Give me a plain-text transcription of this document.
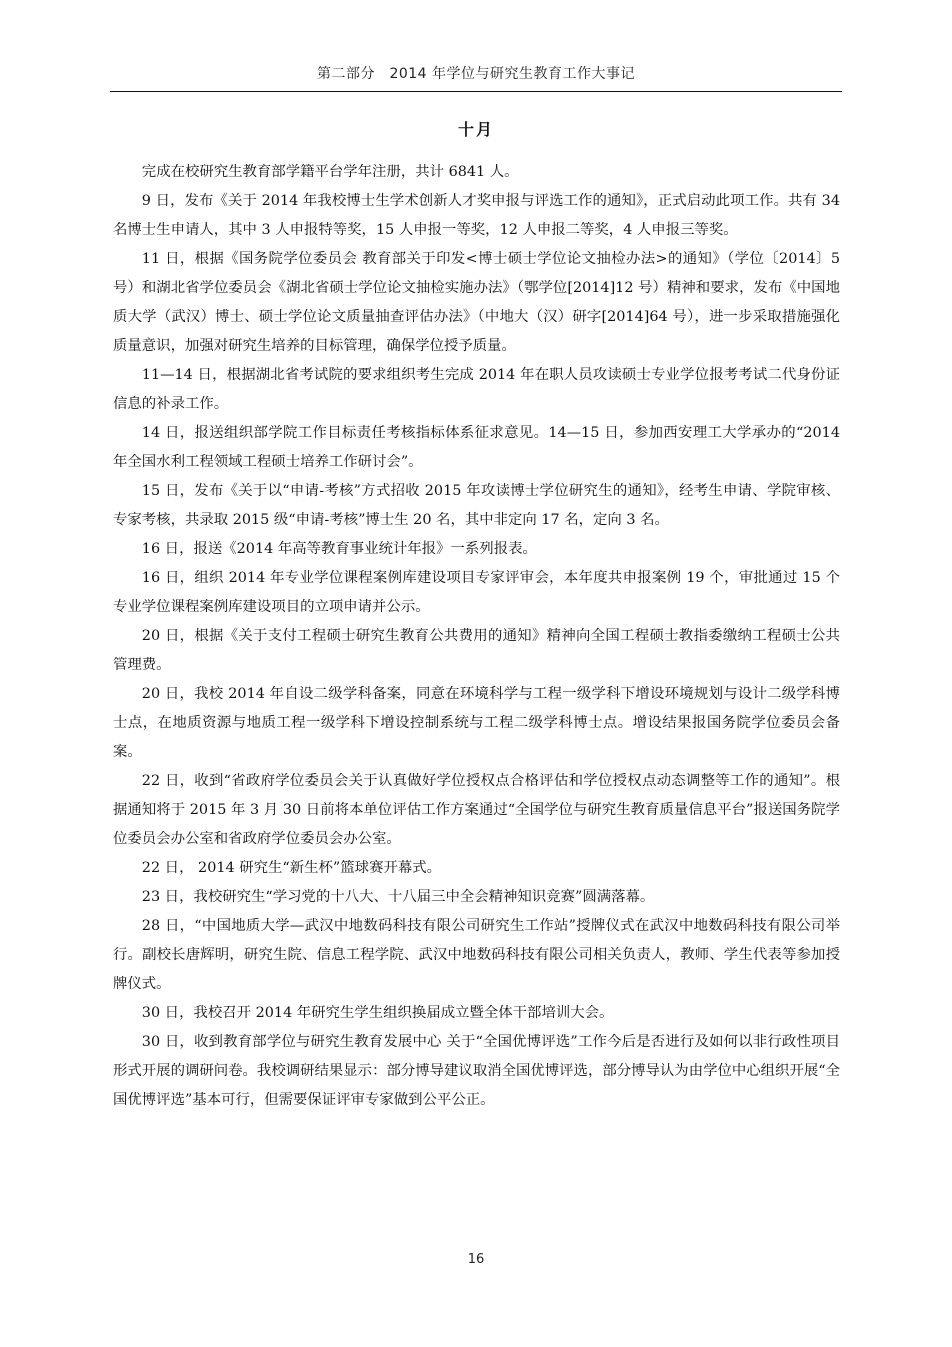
第二部分　2014 年学位与研究生教育工作大事记
十月

完成在校研究生教育部学籍平台学年注册，共计 6841 人。

9 日，发布《关于 2014 年我校博士生学术创新人才奖申报与评选工作的通知》，正式启动此项工作。共有 34 名博士生申请人，其中 3 人申报特等奖，15 人申报一等奖，12 人申报二等奖，4 人申报三等奖。

11 日，根据《国务院学位委员会 教育部关于印发<博士硕士学位论文抽检办法>的通知》（学位〔2014〕5 号）和湖北省学位委员会《湖北省硕士学位论文抽检实施办法》（鄂学位[2014]12 号）精神和要求，发布《中国地质大学（武汉）博士、硕士学位论文质量抽查评估办法》（中地大（汉）研字[2014]64 号），进一步采取措施强化质量意识，加强对研究生培养的目标管理，确保学位授予质量。

11—14 日，根据湖北省考试院的要求组织考生完成 2014 年在职人员攻读硕士专业学位报考考试二代身份证信息的补录工作。

14 日，报送组织部学院工作目标责任考核指标体系征求意见。14—15 日，参加西安理工大学承办的“2014 年全国水利工程领域工程硕士培养工作研讨会”。

15 日，发布《关于以“申请-考核”方式招收 2015 年攻读博士学位研究生的通知》，经考生申请、学院审核、专家考核，共录取 2015 级“申请-考核”博士生 20 名，其中非定向 17 名，定向 3 名。

16 日，报送《2014 年高等教育事业统计年报》一系列报表。

16 日，组织 2014 年专业学位课程案例库建设项目专家评审会，本年度共申报案例 19 个，审批通过 15 个专业学位课程案例库建设项目的立项申请并公示。

20 日，根据《关于支付工程硕士研究生教育公共费用的通知》精神向全国工程硕士教指委缴纳工程硕士公共管理费。

20 日，我校 2014 年自设二级学科备案，同意在环境科学与工程一级学科下增设环境规划与设计二级学科博士点，在地质资源与地质工程一级学科下增设控制系统与工程二级学科博士点。增设结果报国务院学位委员会备案。

22 日，收到“省政府学位委员会关于认真做好学位授权点合格评估和学位授权点动态调整等工作的通知”。根据通知将于 2015 年 3 月 30 日前将本单位评估工作方案通过“全国学位与研究生教育质量信息平台”报送国务院学位委员会办公室和省政府学位委员会办公室。

22 日， 2014 研究生“新生杯”篮球赛开幕式。

23 日，我校研究生“学习党的十八大、十八届三中全会精神知识竞赛”圆满落幕。

28 日，“中国地质大学—武汉中地数码科技有限公司研究生工作站”授牌仪式在武汉中地数码科技有限公司举行。副校长唐辉明，研究生院、信息工程学院、武汉中地数码科技有限公司相关负责人，教师、学生代表等参加授牌仪式。

30 日，我校召开 2014 年研究生学生组织换届成立暨全体干部培训大会。

30 日，收到教育部学位与研究生教育发展中心 关于“全国优博评选”工作今后是否进行及如何以非行政性项目形式开展的调研问卷。我校调研结果显示：部分博导建议取消全国优博评选，部分博导认为由学位中心组织开展“全国优博评选”基本可行，但需要保证评审专家做到公平公正。

16
